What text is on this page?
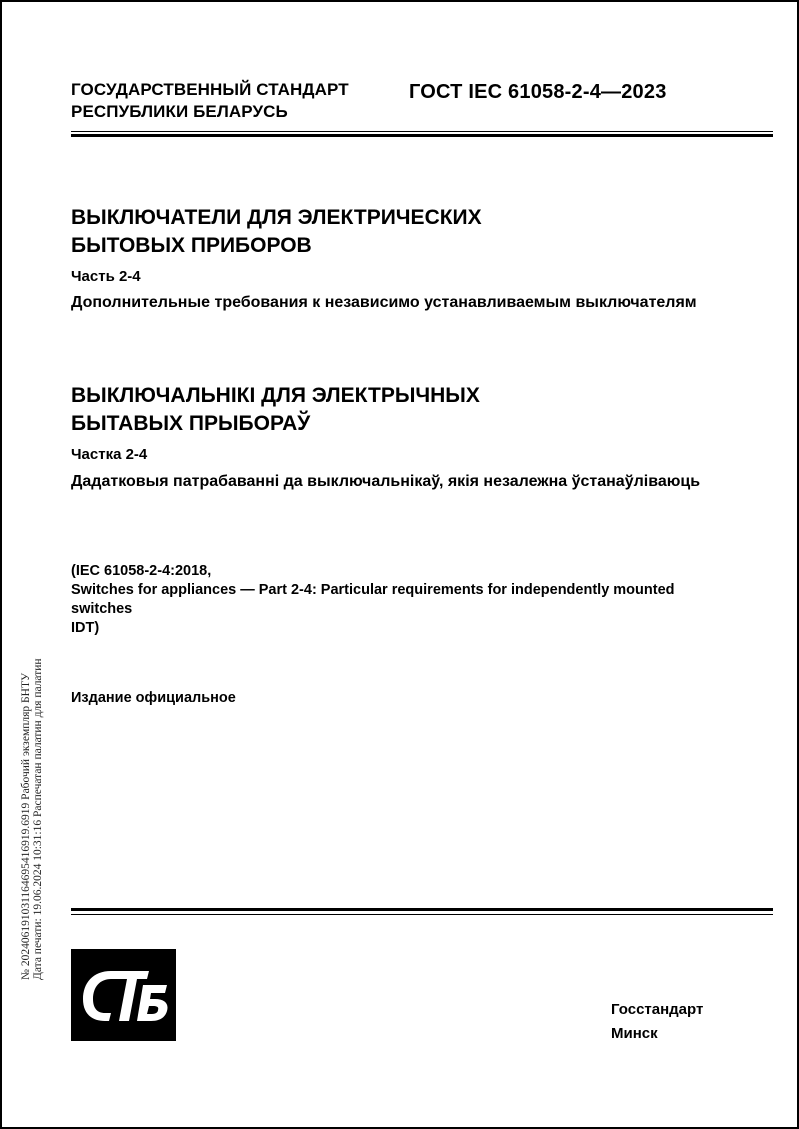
ГОСУДАРСТВЕННЫЙ СТАНДАРТ
РЕСПУБЛИКИ БЕЛАРУСЬ
ГОСТ IEC 61058-2-4—2023
ВЫКЛЮЧАТЕЛИ ДЛЯ ЭЛЕКТРИЧЕСКИХ
БЫТОВЫХ ПРИБОРОВ
Часть 2-4
Дополнительные требования к независимо устанавливаемым выключателям
ВЫКЛЮЧАЛЬНІКІ ДЛЯ ЭЛЕКТРЫЧНЫХ
БЫТАВЫХ ПРЫБОРАЎ
Частка 2-4
Дадатковыя патрабаванні да выключальнікаў, якія незалежна ўстанаўліваюць
(IEC 61058-2-4:2018,
Switches for appliances — Part 2-4: Particular requirements for independently mounted switches
IDT)
Издание официальное
№ 202406191031164695416919.6919 Рабочий экземпляр БНТУ Дата печати: 19.06.2024 10:31:16 Распечатан палатин для палатин
Госстандарт
Минск
